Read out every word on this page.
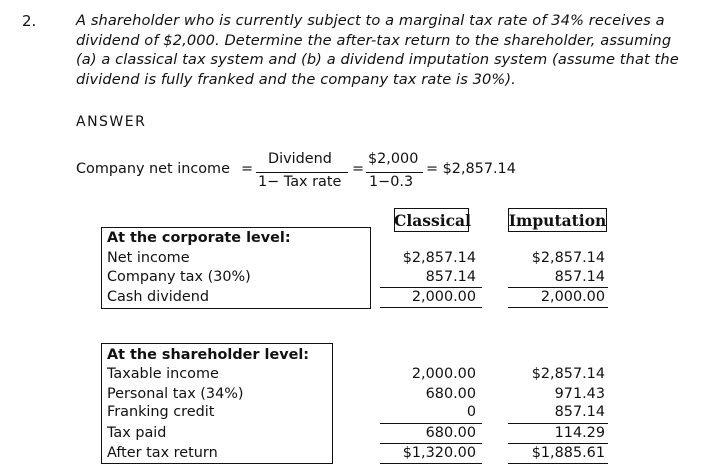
2.	A shareholder who is currently subject to a marginal tax rate of 34% receives a
dividend of $2,000. Determine the after-tax return to the shareholder, assuming
(a) a classical tax system and (b) a dividend imputation system (assume that the
dividend is fully franked and the company tax rate is 30%).
ANSWER
Company net income =
Dividend
1− Tax rate
=
$2,000
1−0.3
= $2,857.14
Classical Imputation
At the corporate level:
Net income
Company tax (30%)
Cash dividend
$2,857.14
857.14
2,000.00
$2,857.14
857.14
2,000.00
At the shareholder level:
Taxable income
Personal tax (34%)
Franking credit
Tax paid
After tax return
2,000.00
680.00
0
680.00
$1,320.00
$2,857.14
971.43
857.14
114.29
$1,885.61
